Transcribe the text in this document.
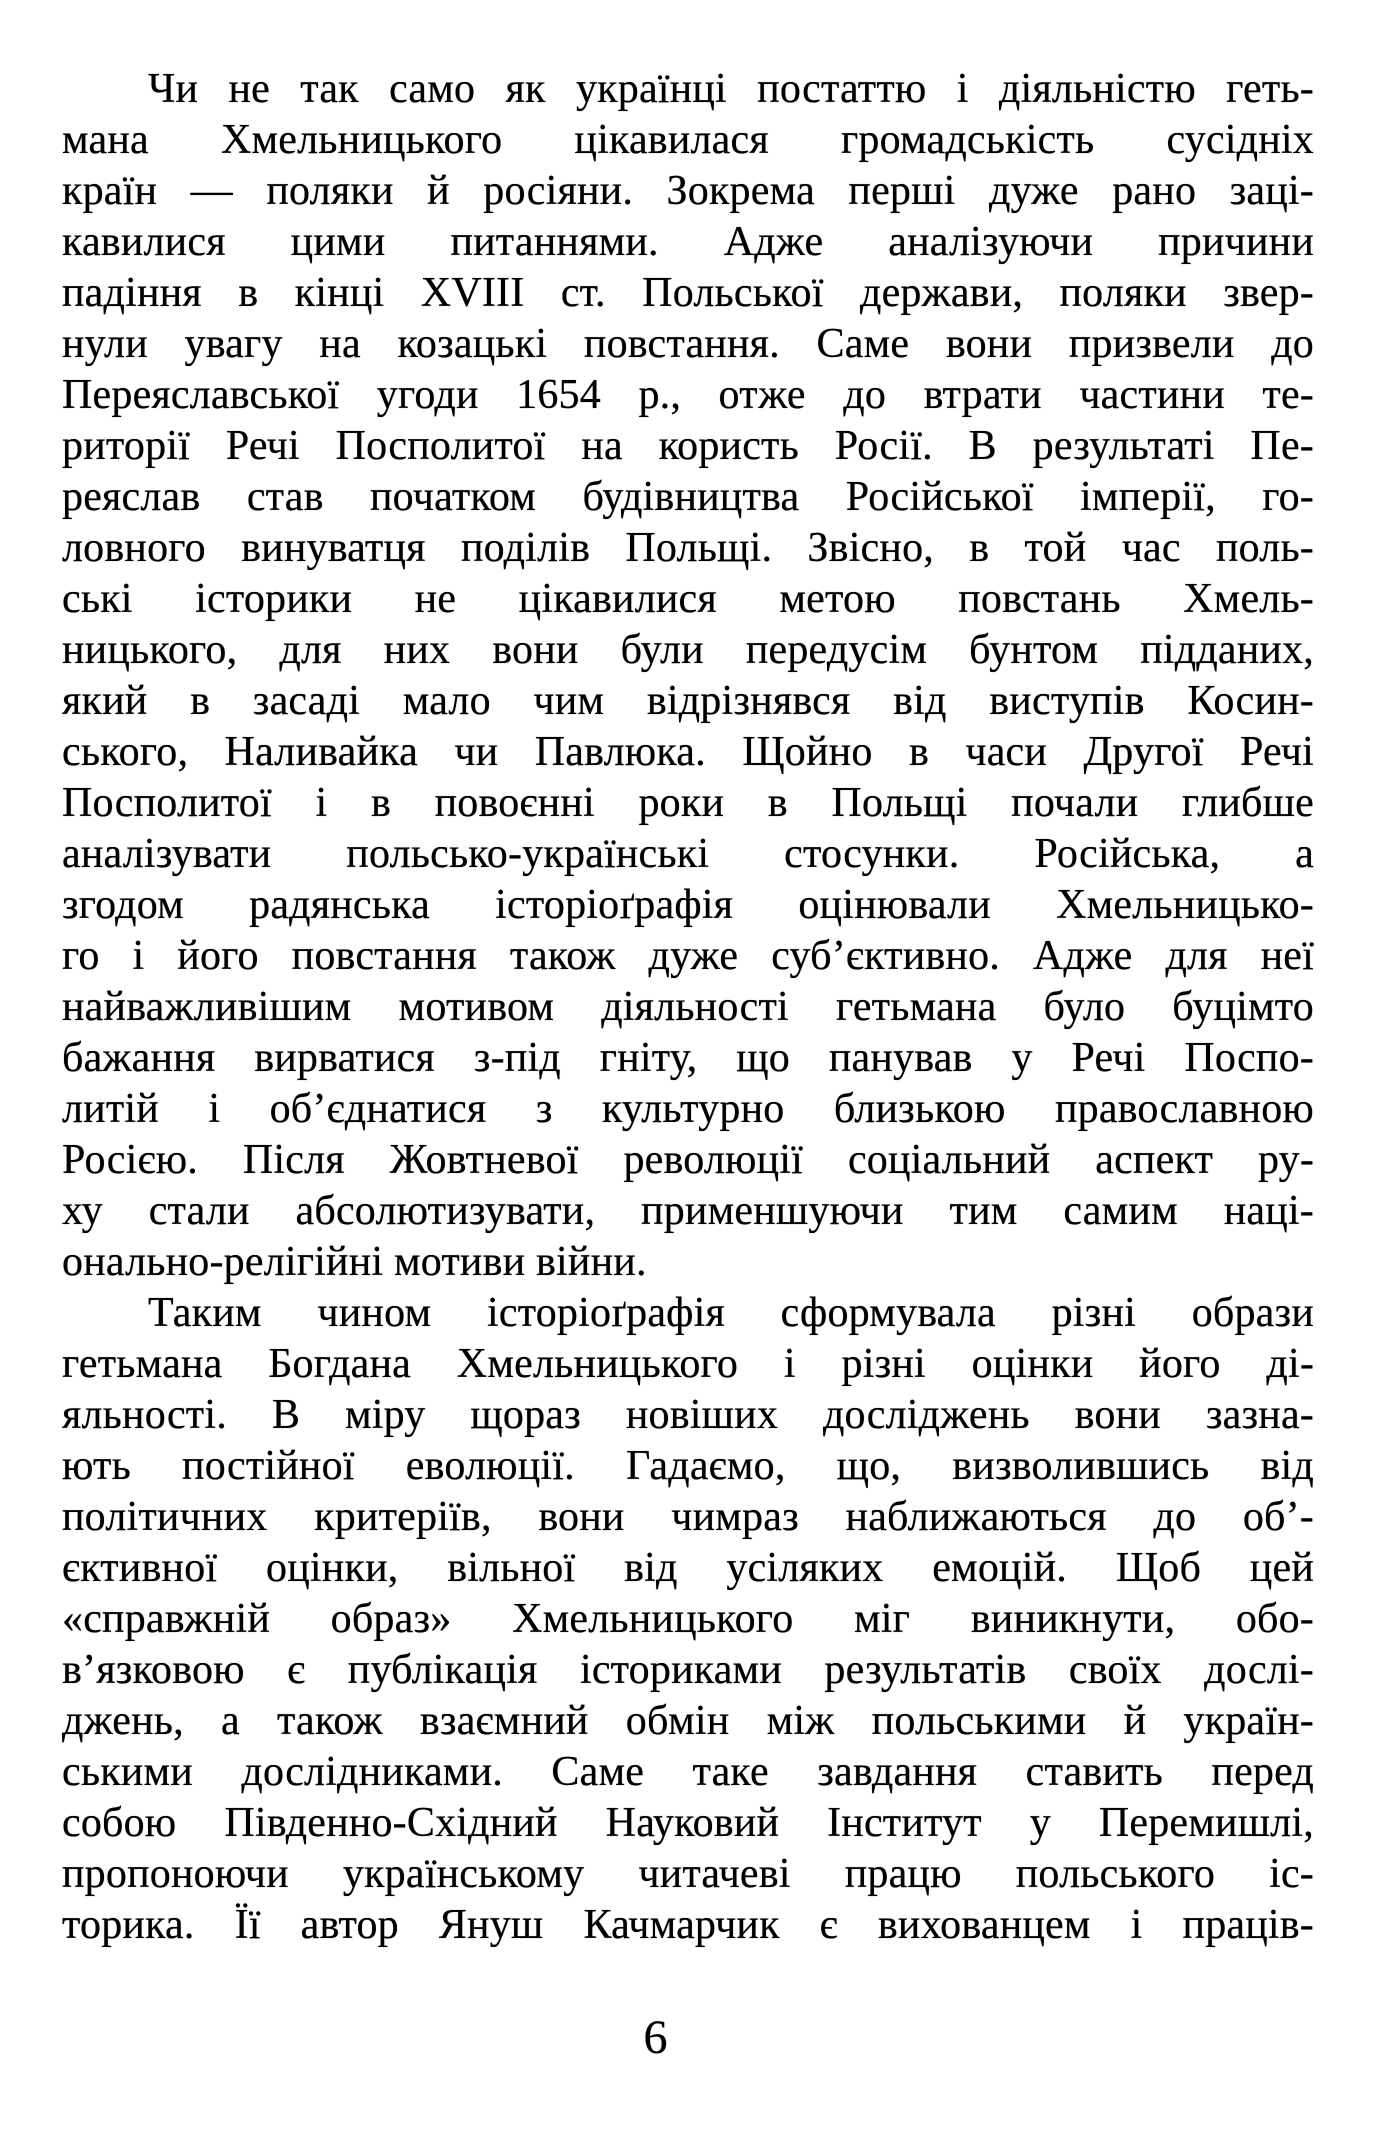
Чи не так само як українці постаттю і діяльністю геть-
мана Хмельницького цікавилася громадськість сусідніх
країн — поляки й росіяни. Зокрема перші дуже рано заці-
кавилися цими питаннями. Адже аналізуючи причини
падіння в кінці XVIII ст. Польської держави, поляки звер-
нули увагу на козацькі повстання. Саме вони призвели до
Переяславської угоди 1654 р., отже до втрати частини те-
риторії Речі Посполитої на користь Росії. В результаті Пе-
реяслав став початком будівництва Російської імперії, го-
ловного винуватця поділів Польщі. Звісно, в той час поль-
ські історики не цікавилися метою повстань Хмель-
ницького, для них вони були передусім бунтом підданих,
який в засаді мало чим відрізнявся від виступів Косин-
ського, Наливайка чи Павлюка. Щойно в часи Другої Речі
Посполитої і в повоєнні роки в Польщі почали глибше
аналізувати польсько-українські стосунки. Російська, а
згодом радянська історіоґрафія оцінювали Хмельницько-
го і його повстання також дуже суб’єктивно. Адже для неї
найважливішим мотивом діяльності гетьмана було буцімто
бажання вирватися з-під гніту, що панував у Речі Поспо-
литій і об’єднатися з культурно близькою православною
Росією. Після Жовтневої революції соціальний аспект ру-
ху стали абсолютизувати, применшуючи тим самим наці-
онально-релігійні мотиви війни.
Таким чином історіоґрафія сформувала різні образи
гетьмана Богдана Хмельницького і різні оцінки його ді-
яльності. В міру щораз новіших досліджень вони зазна-
ють постійної еволюції. Гадаємо, що, визволившись від
політичних критеріїв, вони чимраз наближаються до об’-
єктивної оцінки, вільної від усіляких емоцій. Щоб цей
«справжній образ» Хмельницького міг виникнути, обо-
в’язковою є публікація істориками результатів своїх дослі-
джень, а також взаємний обмін між польськими й україн-
ськими дослідниками. Саме таке завдання ставить перед
собою Південно-Східний Науковий Інститут у Перемишлі,
пропоноючи українському читачеві працю польського іс-
торика. Її автор Януш Качмарчик є вихованцем і праців-
6
